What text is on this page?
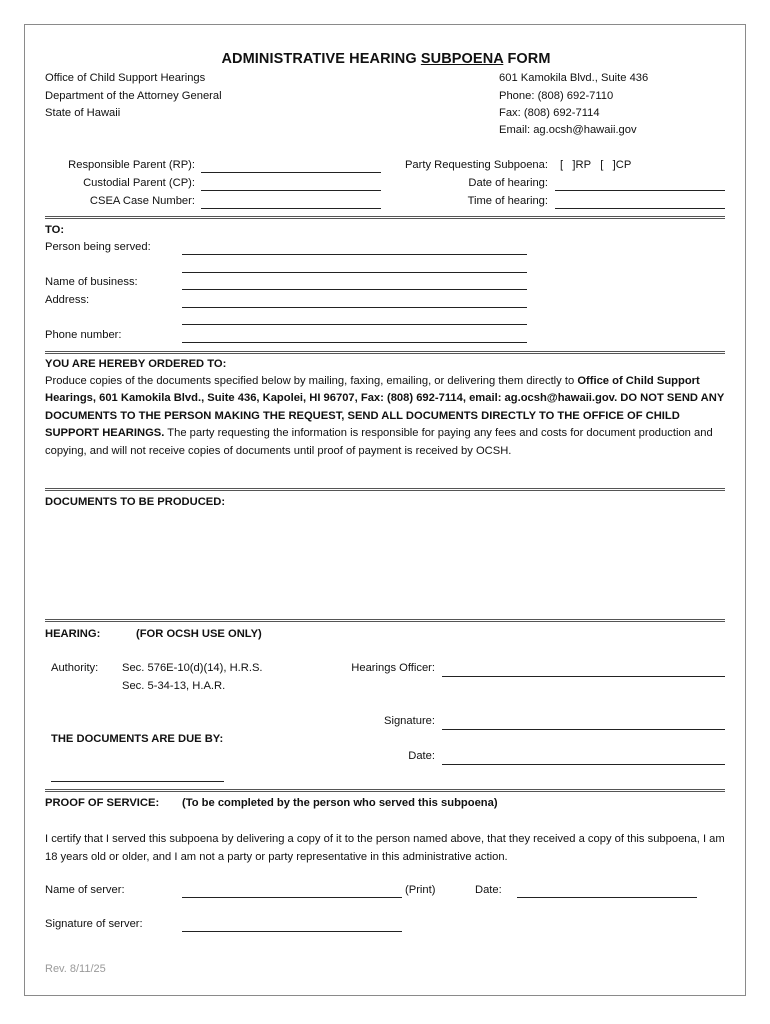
ADMINISTRATIVE HEARING SUBPOENA FORM
Office of Child Support Hearings
Department of the Attorney General
State of Hawaii
601 Kamokila Blvd., Suite 436
Phone: (808) 692-7110
Fax: (808) 692-7114
Email: ag.ocsh@hawaii.gov
Responsible Parent (RP):
Custodial Parent (CP):
CSEA Case Number:
Party Requesting Subpoena: [   ]RP   [   ]CP
Date of hearing:
Time of hearing:
TO:
Person being served:
Name of business:
Address:
Phone number:
YOU ARE HEREBY ORDERED TO:
Produce copies of the documents specified below by mailing, faxing, emailing, or delivering them directly to Office of Child Support Hearings, 601 Kamokila Blvd., Suite 436, Kapolei, HI 96707, Fax: (808) 692-7114, email: ag.ocsh@hawaii.gov. DO NOT SEND ANY DOCUMENTS TO THE PERSON MAKING THE REQUEST, SEND ALL DOCUMENTS DIRECTLY TO THE OFFICE OF CHILD SUPPORT HEARINGS. The party requesting the information is responsible for paying any fees and costs for document production and copying, and will not receive copies of documents until proof of payment is received by OCSH.
DOCUMENTS TO BE PRODUCED:
HEARING:	(FOR OCSH USE ONLY)
Authority: Sec. 576E-10(d)(14), H.R.S.
Sec. 5-34-13, H.A.R.
Hearings Officer:
Signature:
THE DOCUMENTS ARE DUE BY:
Date:
PROOF OF SERVICE: (To be completed by the person who served this subpoena)
I certify that I served this subpoena by delivering a copy of it to the person named above, that they received a copy of this subpoena, I am 18 years old or older, and I am not a party or party representative in this administrative action.
Name of server:	(Print)	Date:
Signature of server:
Rev. 8/11/25
